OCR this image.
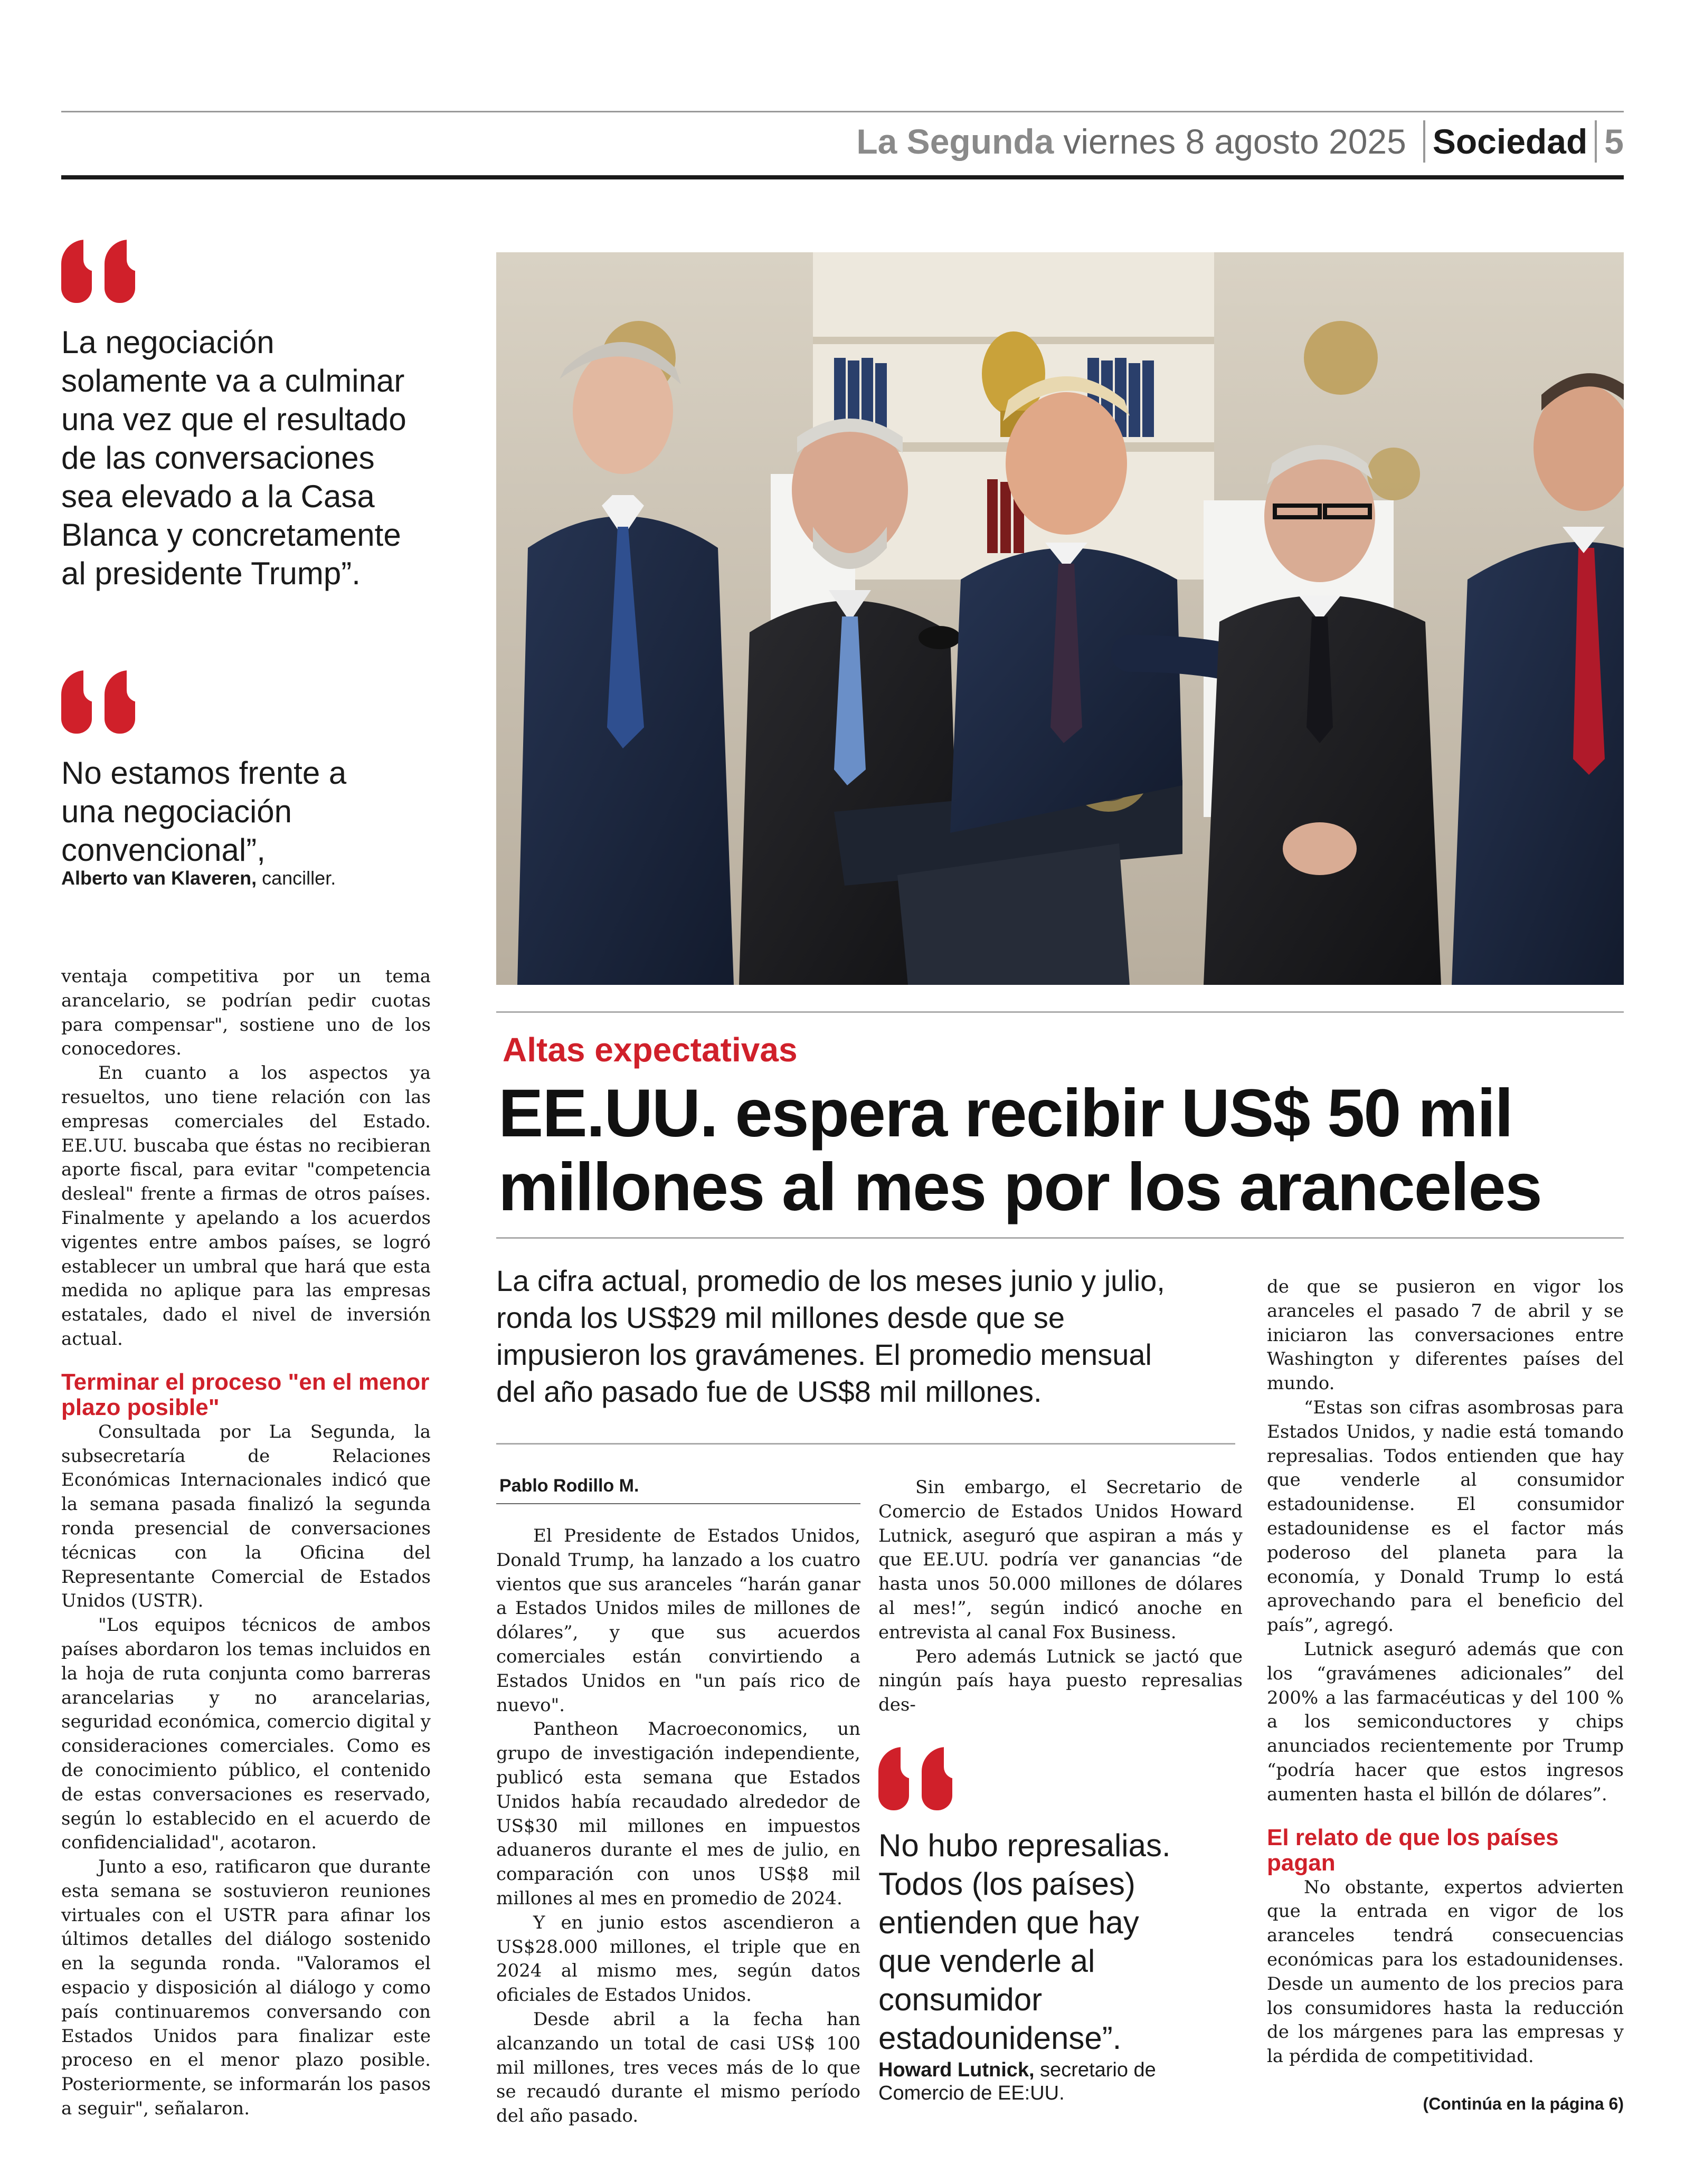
La Segunda viernes 8 agosto 2025 Sociedad 5
La negociación
solamente va a culminar
una vez que el resultado
de las conversaciones
sea elevado a la Casa
Blanca y concretamente
al presidente Trump”.
No estamos frente a
una negociación
convencional”,
Alberto van Klaveren, canciller.
Altas expectativas
EE.UU. espera recibir US$ 50 mil
millones al mes por los aranceles
La cifra actual, promedio de los meses junio y julio,
ronda los US$29 mil millones desde que se
impusieron los gravámenes. El promedio mensual
del año pasado fue de US$8 mil millones.

ventaja competitiva por un tema arancelario, se podrían pedir cuotas para compensar", sostiene uno de los conocedores.

En cuanto a los aspectos ya resueltos, uno tiene relación con las empresas comerciales del Estado. EE.UU. buscaba que éstas no recibieran aporte fiscal, para evitar "competencia desleal" frente a firmas de otros países. Finalmente y apelando a los acuerdos vigentes entre ambos países, se logró establecer un umbral que hará que esta medida no aplique para las empresas estatales, dado el nivel de inversión actual.

Terminar el proceso "en el menor plazo posible"

Consultada por La Segunda, la subsecretaría de Relaciones Económicas Internacionales indicó que la semana pasada finalizó la segunda ronda presencial de conversaciones técnicas con la Oficina del Representante Comercial de Estados Unidos (USTR).

"Los equipos técnicos de ambos países abordaron los temas incluidos en la hoja de ruta conjunta como barreras arancelarias y no arancelarias, seguridad económica, comercio digital y consideraciones comerciales. Como es de conocimiento público, el contenido de estas conversaciones es reservado, según lo establecido en el acuerdo de confidencialidad", acotaron.

Junto a eso, ratificaron que durante esta semana se sostuvieron reuniones virtuales con el USTR para afinar los últimos detalles del diálogo sostenido en la segunda ronda. "Valoramos el espacio y disposición al diálogo y como país continuaremos conversando con Estados Unidos para finalizar este proceso en el menor plazo posible. Posteriormente, se informarán los pasos a seguir", señalaron.

Pablo Rodillo M.

El Presidente de Estados Unidos, Donald Trump, ha lanzado a los cuatro vientos que sus aranceles “harán ganar a Estados Unidos miles de millones de dólares”, y que sus acuerdos comerciales están convirtiendo a Estados Unidos en "un país rico de nuevo".

Pantheon Macroeconomics, un grupo de investigación independiente, publicó esta semana que Estados Unidos había recaudado alrededor de US$30 mil millones en impuestos aduaneros durante el mes de julio, en comparación con unos US$8 mil millones al mes en promedio de 2024.

Y en junio estos ascendieron a US$28.000 millones, el triple que en 2024 al mismo mes, según datos oficiales de Estados Unidos.

Desde abril a la fecha han alcanzando un total de casi US$ 100 mil millones, tres veces más de lo que se recaudó durante el mismo período del año pasado.

Sin embargo, el Secretario de Comercio de Estados Unidos Howard Lutnick, aseguró que aspiran a más y que EE.UU. podría ver ganancias “de hasta unos 50.000 millones de dólares al mes!”, según indicó anoche en entrevista al canal Fox Business.

Pero además Lutnick se jactó que ningún país haya puesto represalias des-

No hubo represalias.
Todos (los países)
entienden que hay
que venderle al
consumidor
estadounidense”.
Howard Lutnick, secretario de
Comercio de EE:UU.

de que se pusieron en vigor los aranceles el pasado 7 de abril y se iniciaron las conversaciones entre Washington y diferentes países del mundo.

“Estas son cifras asombrosas para Estados Unidos, y nadie está tomando represalias. Todos entienden que hay que venderle al consumidor estadounidense. El consumidor estadounidense es el factor más poderoso del planeta para la economía, y Donald Trump lo está aprovechando para el beneficio del país”, agregó.

Lutnick aseguró además que con los “gravámenes adicionales” del 200% a las farmacéuticas y del 100 % a los semiconductores y chips anunciados recientemente por Trump “podría hacer que estos ingresos aumenten hasta el billón de dólares”.

El relato de que los países pagan

No obstante, expertos advierten que la entrada en vigor de los aranceles tendrá consecuencias económicas para los estadounidenses. Desde un aumento de los precios para los consumidores hasta la reducción de los márgenes para las empresas y la pérdida de competitividad.

(Continúa en la página 6)
